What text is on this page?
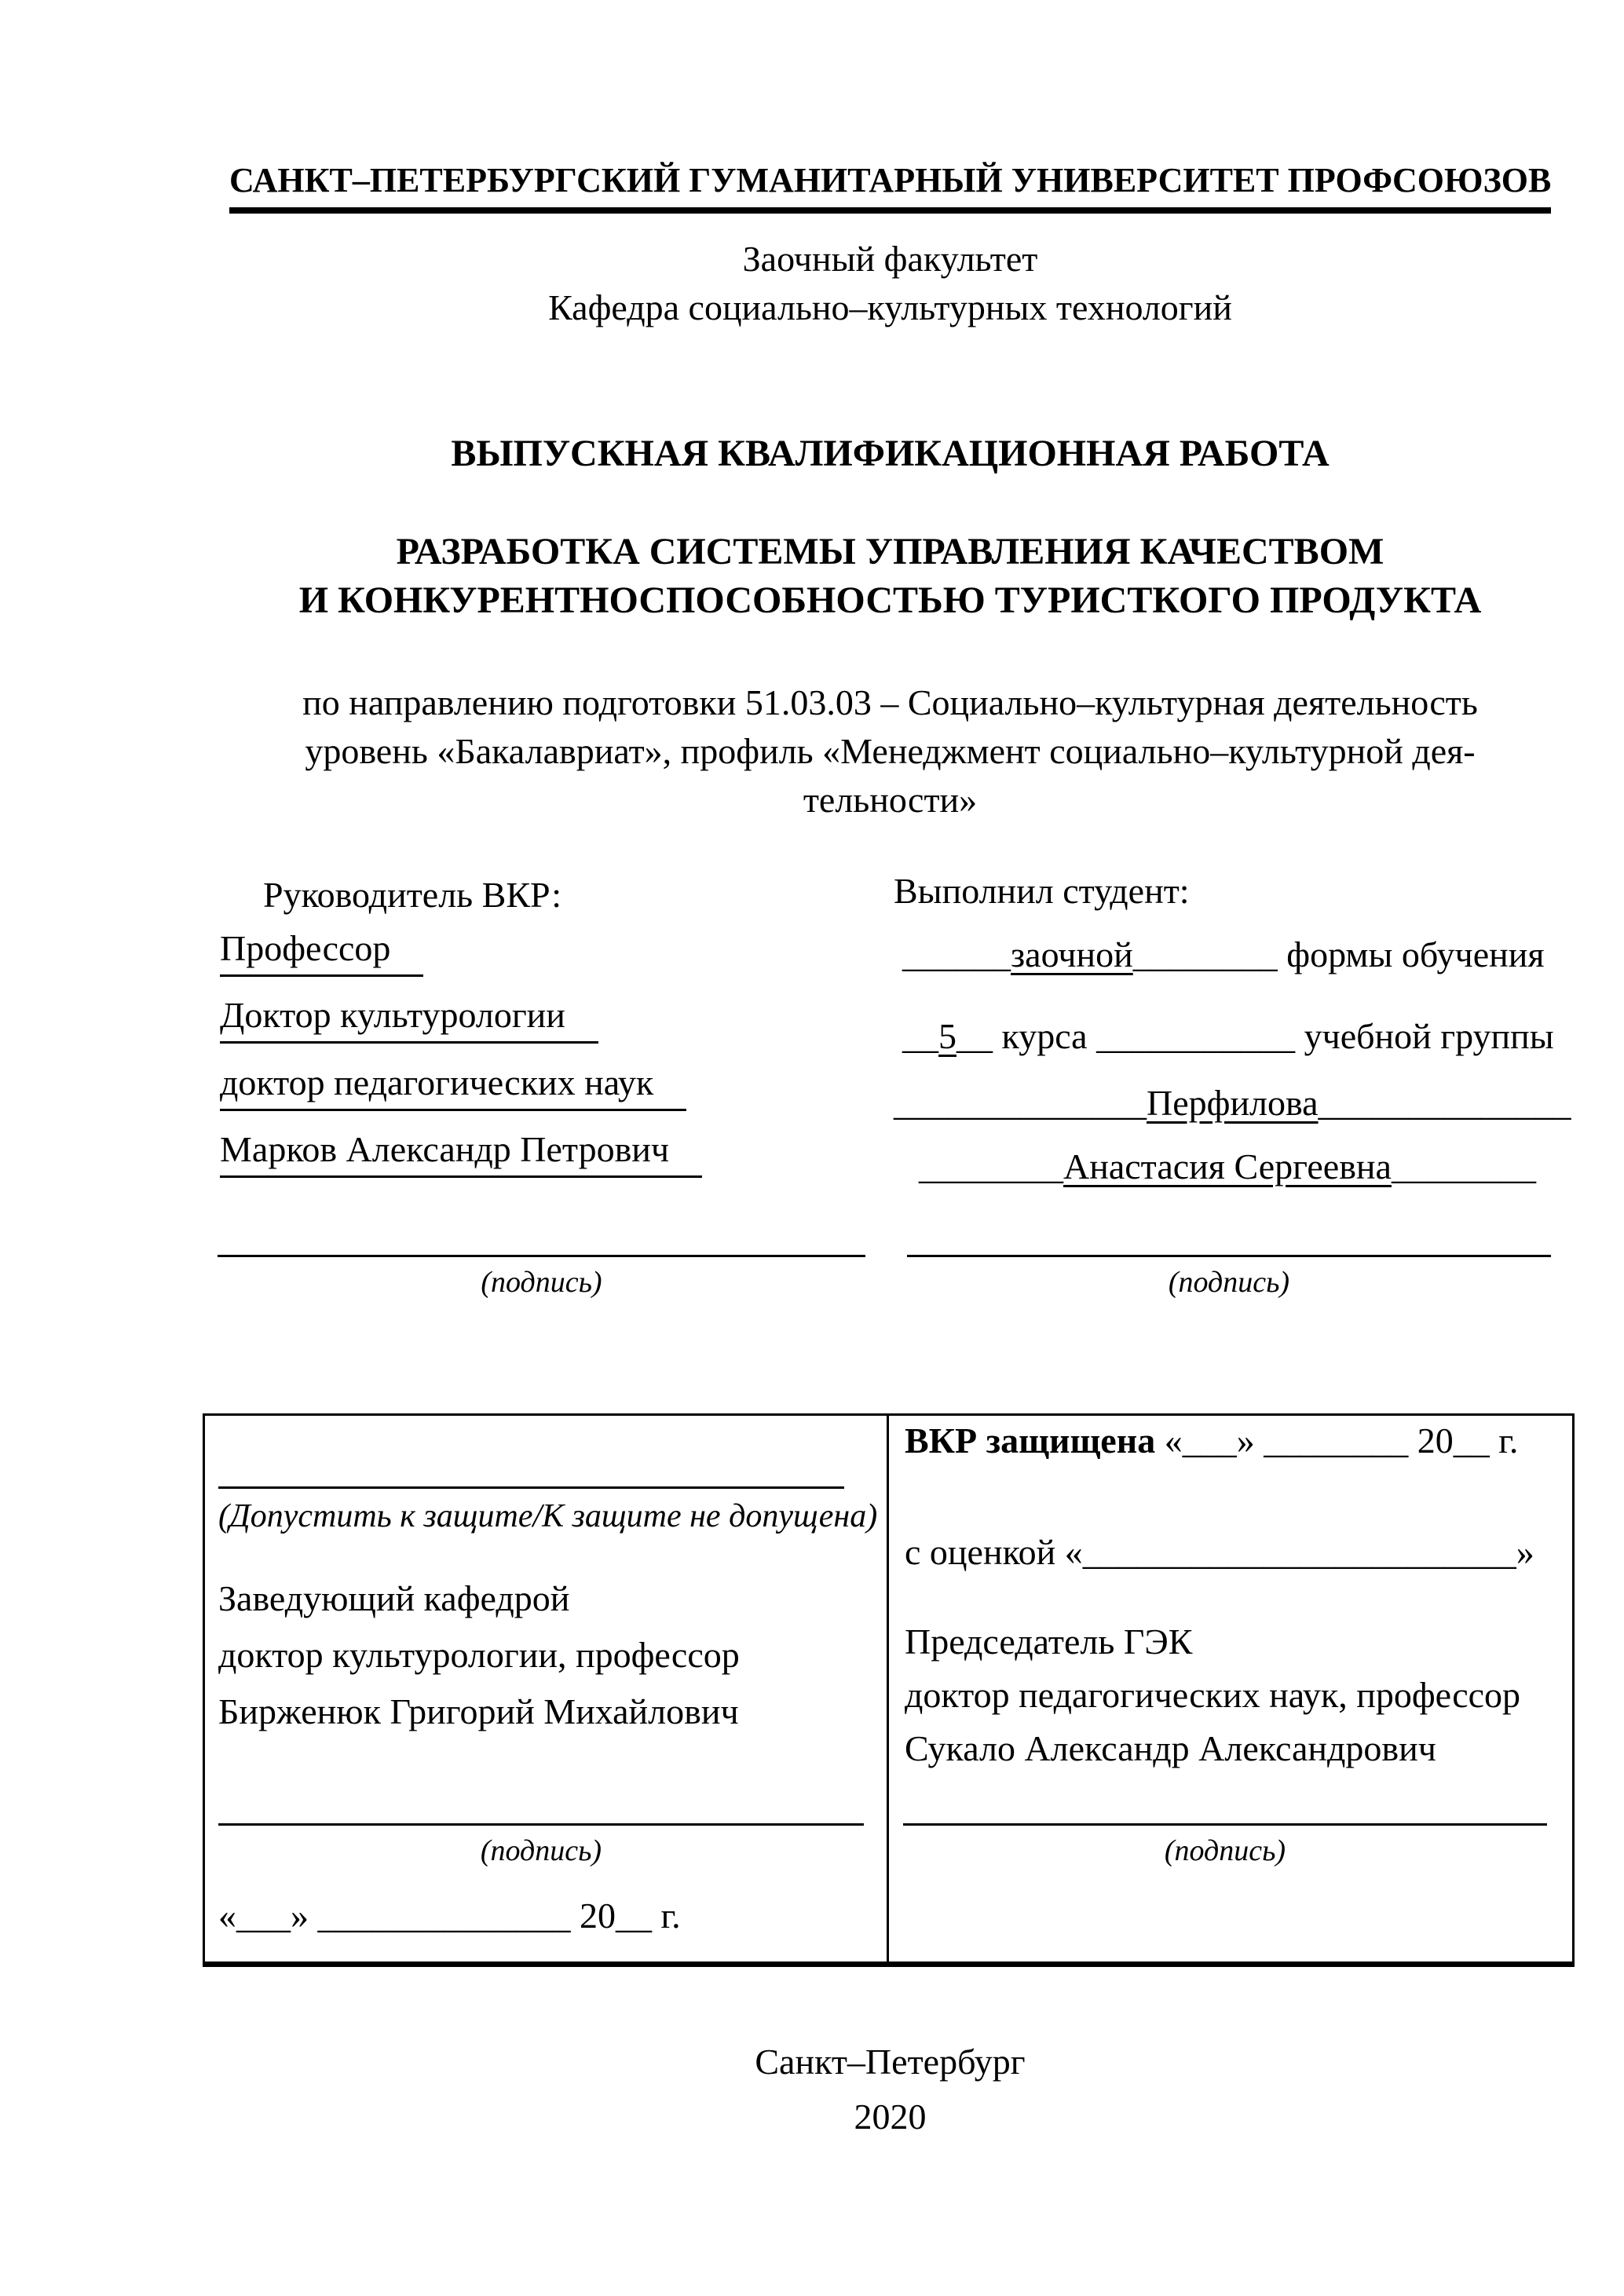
САНКТ–ПЕТЕРБУРГСКИЙ ГУМАНИТАРНЫЙ УНИВЕРСИТЕТ ПРОФСОЮЗОВ
Заочный факультет
Кафедра социально–культурных технологий
ВЫПУСКНАЯ КВАЛИФИКАЦИОННАЯ РАБОТА
РАЗРАБОТКА СИСТЕМЫ УПРАВЛЕНИЯ КАЧЕСТВОМ
И КОНКУРЕНТНОСПОСОБНОСТЬЮ ТУРИСТКОГО ПРОДУКТА
по направлению подготовки 51.03.03 – Социально–культурная деятельность
уровень «Бакалавриат», профиль «Менеджмент социально–культурной дея-
тельности»
Руководитель ВКР:
Профессор
Доктор культурологии
доктор педагогических наук
Марков Александр Петрович
Выполнил студент:
______заочной________ формы обучения
__5__ курса ___________ учебной группы
______________Перфилова______________
________Анастасия Сергеевна________
(подпись)	(подпись)
(Допустить к защите/К защите не допущена)
Заведующий кафедрой
доктор культурологии, профессор
Бирженюк Григорий Михайлович
(подпись)
«___» ______________ 20__ г.
ВКР защищена «___» ________ 20__ г.
с оценкой «________________________»
Председатель ГЭК
доктор педагогических наук, профессор
Сукало Александр Александрович
(подпись)
Санкт–Петербург
2020
